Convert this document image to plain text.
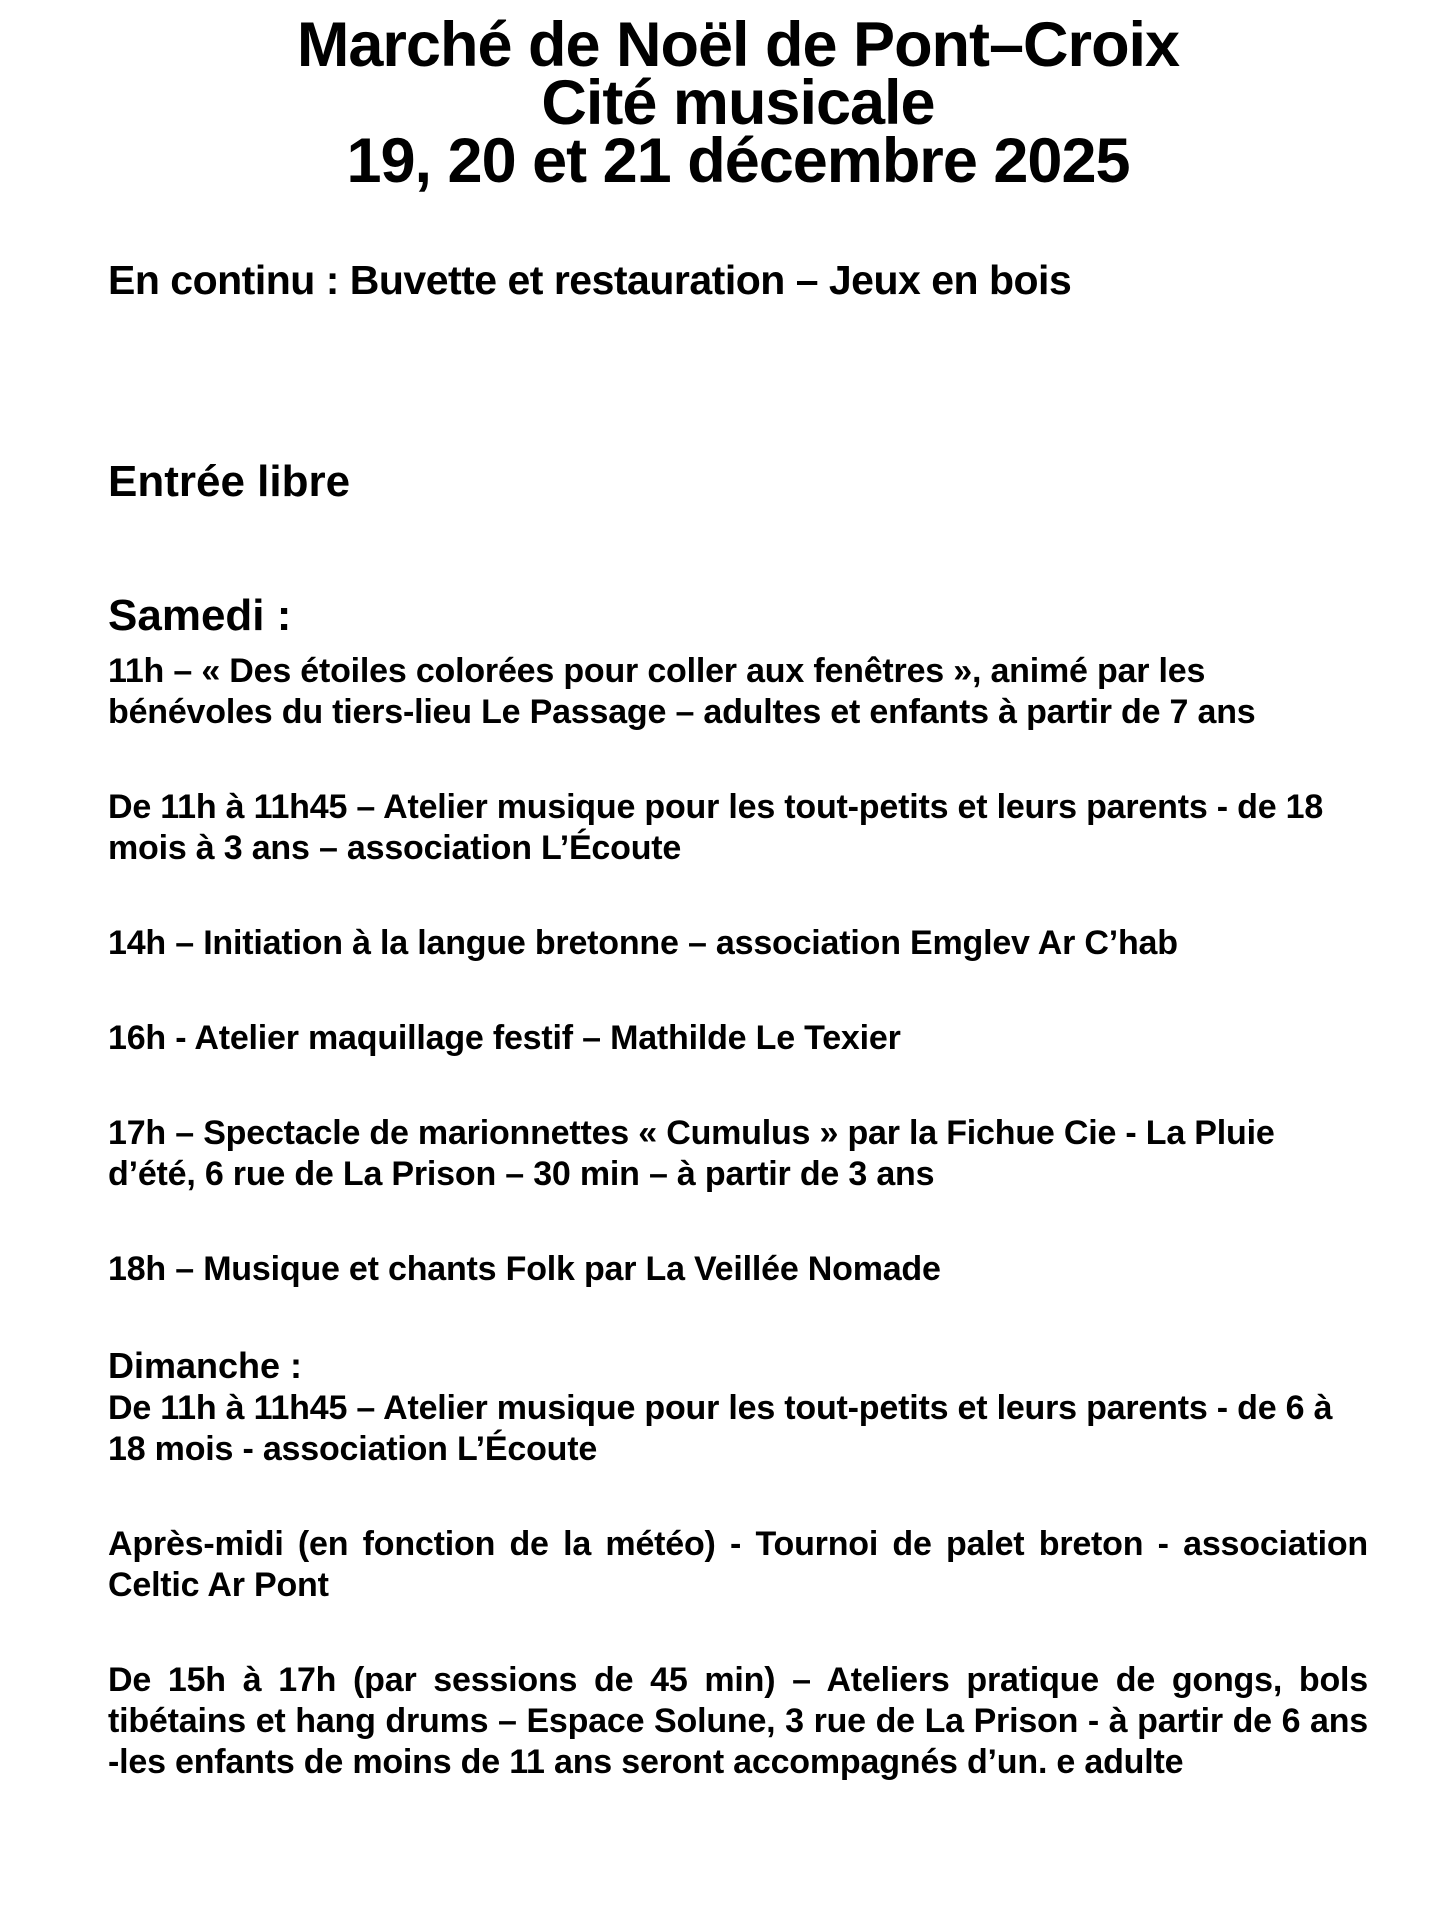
Marché de Noël de Pont–Croix
Cité musicale
19, 20 et 21 décembre 2025

En continu : Buvette et restauration – Jeux en bois

Entrée libre

Samedi :

11h – « Des étoiles colorées pour coller aux fenêtres », animé par les bénévoles du tiers-lieu Le Passage – adultes et enfants à partir de 7 ans

De 11h à 11h45 – Atelier musique pour les tout-petits et leurs parents - de 18 mois à 3 ans – association L’Écoute

14h – Initiation à la langue bretonne – association Emglev Ar C’hab

16h - Atelier maquillage festif – Mathilde Le Texier

17h – Spectacle de marionnettes « Cumulus » par la Fichue Cie - La Pluie d’été, 6 rue de La Prison – 30 min – à partir de 3 ans

18h – Musique et chants Folk par La Veillée Nomade

Dimanche :

De 11h à 11h45 – Atelier musique pour les tout-petits et leurs parents - de 6 à 18 mois - association L’Écoute

Après-midi (en fonction de la météo) - Tournoi de palet breton - association Celtic Ar Pont

De 15h à 17h (par sessions de 45 min) – Ateliers pratique de gongs, bols tibétains et hang drums – Espace Solune, 3 rue de La Prison - à partir de 6 ans -les enfants de moins de 11 ans seront accompagnés d’un. e adulte
